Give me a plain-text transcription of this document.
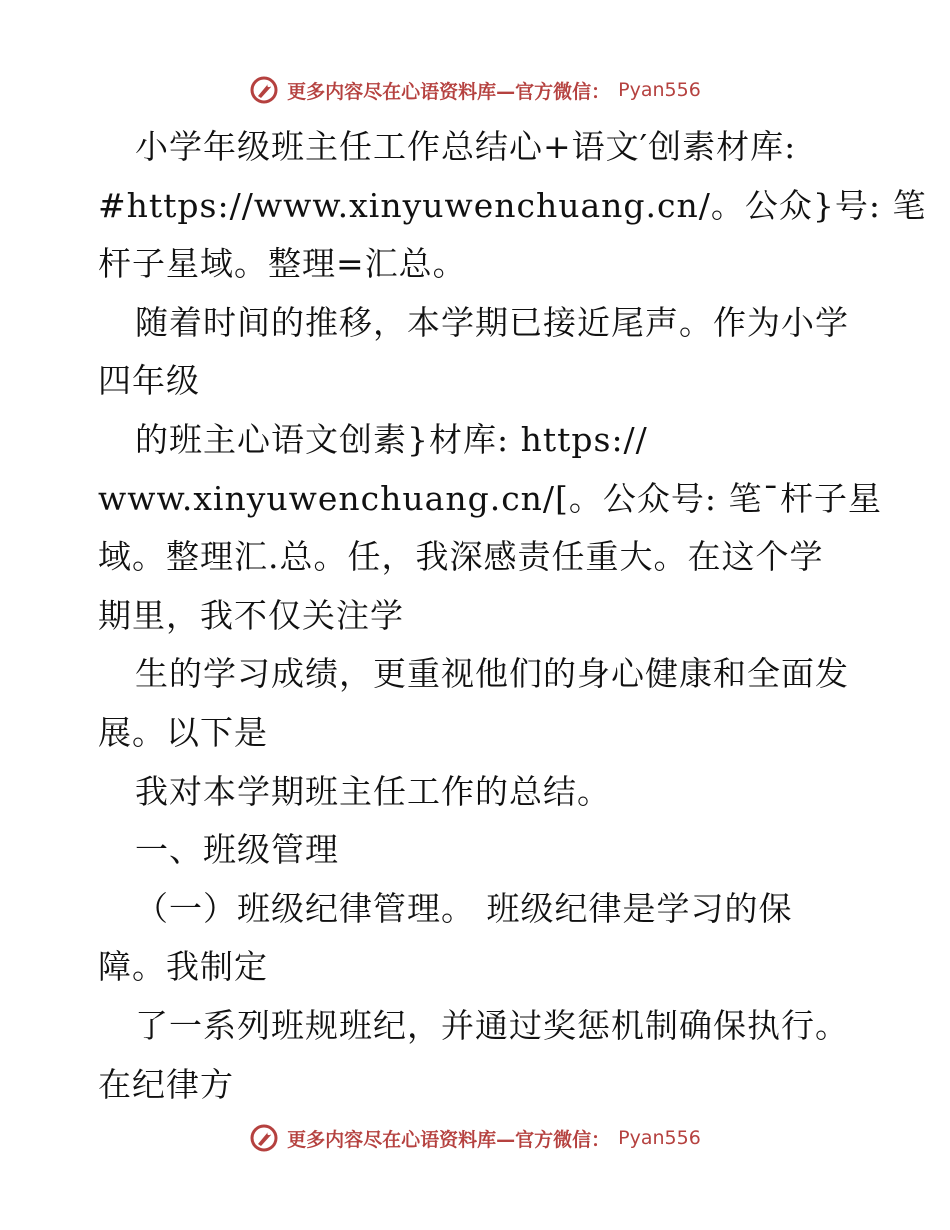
更多内容尽在心语资料库—官方微信： Pyan556
小学年级班主任工作总结心+语文′创素材库:
#https://www.xinyuwenchuang.cn/。公众}号: 笔
杆子星域。整理=汇总。
随着时间的推移，本学期已接近尾声。作为小学
四年级
的班主心语文创素}材库: https://
www.xinyuwenchuang.cn/[。公众号: 笔¯杆子星
域。整理汇.总。任，我深感责任重大。在这个学
期里，我不仅关注学
生的学习成绩，更重视他们的身心健康和全面发
展。以下是
我对本学期班主任工作的总结。
一、班级管理
（一）班级纪律管理。 班级纪律是学习的保
障。我制定
了一系列班规班纪，并通过奖惩机制确保执行。
在纪律方
更多内容尽在心语资料库—官方微信： Pyan556
